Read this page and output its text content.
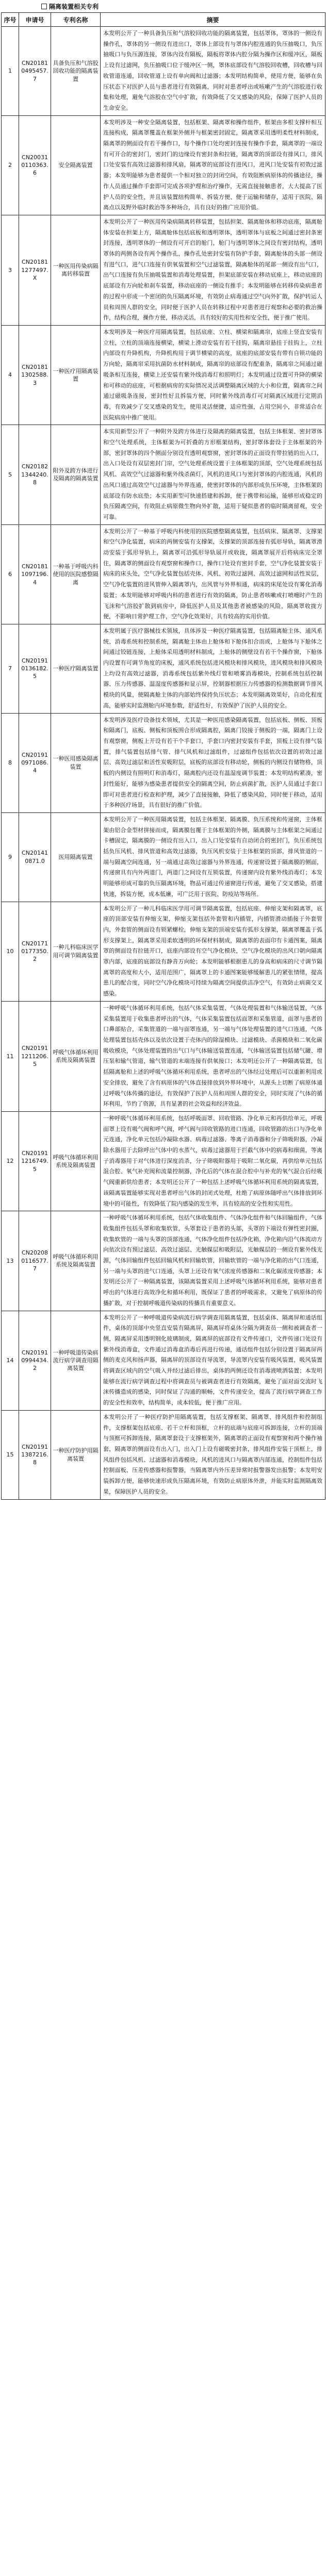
隔离装置相关专利
序号	申请号	专利名称	摘要
1	CN201810495457.7	具备负压和气溶胶回收功能的隔离装置	本发明公开了一种具备负压和气溶胶回收功能的隔离装置，包括罩体，罩体的一侧设有操作孔，罩体的另一侧设有进出口，罩体上部设有与罩体内腔连通的负压抽吸口，负压抽吸口与负压源连接，罩体内设有隔板，隔板将罩体内腔分隔为操作区和缓冲区，隔板上设有过滤网，负压抽吸口位于缓冲区一侧，罩体底部设有气溶胶回收槽，回收槽与回收管道连通，回收管道上设有单向阀和过滤器；本发明结构简单，使用方便，能够在负压状态下对医护人员与患者进行有效隔离，同时对患者呼出或咳嗽产生的气溶胶进行收集和处理，避免气溶胶在空气中扩散，有效降低了交叉感染的风险，保障了医护人员的生命安全。
2	CN200310110363.6	安全隔离装置	本发明涉及一种安全隔离装置，包括框架、隔离罩和操作组件，框架由多根支撑杆相互连接构成，隔离罩覆盖在框架外侧并与框架密封固定，隔离罩采用透明柔性材料制成，隔离罩的侧面设有若干操作口，每个操作口处均密封连接有操作手套，隔离罩的一端设有可开合的密封门，密封门的边缘设有密封条和拉链，隔离罩的顶部设有排风口，排风口处安装有高效过滤器和排风扇，隔离罩的底部设有进风口，进风口处安装有初效过滤器；本发明能够为患者提供一个相对独立的封闭空间，有效阻断病原体的传播途径，操作人员通过操作手套即可完成各项护理和治疗操作，无需直接接触患者，大大提高了医护人员的安全性，并且该装置结构简单、拆装方便、便于运输和储存，适用于医院、隔离点以及野外临时救治等多种场合，具有良好的推广应用价值。
3	CN201811277497.X	一种医用传染病隔离转移装置	本发明公开了一种医用传染病隔离转移装置，包括担架、隔离舱体和移动底座，隔离舱体安装在担架上方，隔离舱体包括底板和透明罩体，透明罩体与底板之间通过密封条密封连接，透明罩体的一侧设有可开启的舱门，舱门与透明罩体之间设有密封结构，透明罩体的两侧各设有两个操作孔，操作孔处密封安装有防护手套，隔离舱体的头部一侧设有进气口，进气口连接有供氧装置和空气过滤装置，隔离舱体的尾部一侧设有出气口，出气口连接有负压抽吸装置和消毒处理装置，担架底部安装在移动底座上，移动底座的底部设有万向轮和刹车装置，移动底座的一侧设有推手；本发明能够在转移传染病患者的过程中形成一个密闭的负压隔离环境，有效防止病毒通过空气向外扩散，保护转运人员和周围人群的安全，同时便于医护人员在转移过程中对患者进行观察和必要的救治操作，结构合理，操作方便，移动灵活，具有较好的实用性和安全性，便于推广使用。
4	CN201811302588.3	一种医疗用隔离装置	本发明涉及一种医疗用隔离装置，包括底座、立柱、横梁和隔离帘，底座上竖直安装有立柱，立柱的顶端连接横梁，横梁上滑动安装有若干挂钩，隔离帘悬挂于挂钩上，立柱内部设有升降机构，升降机构用于调节横梁的高度，底座的底部安装有带有自锁功能的万向轮，隔离帘采用抗菌防水材料制成，隔离帘的底部设有配重条，隔离帘之间通过磁吸条相互连接，横梁上还安装有紫外线消毒灯和照明灯；本发明通过设置可升降的横梁和可移动的底座，可根据病房的实际情况灵活调整隔离区域的大小和位置，隔离帘之间通过磁吸条连接，密封性好且拆装方便，同时紫外线消毒灯可对隔离区域进行定期消毒，有效减少了交叉感染的发生，使用灵活便捷，适应性强，占用空间小，非常适合在医院病房中推广使用。
5	CN201821344240.8	附外及跨方体进行及隔离的隔离装置	本实用新型公开了一种附外及跨方体进行及隔离的隔离装置，包括主体框架、密封罩体和空气处理系统，主体框架为可折叠的方形框架结构，密封罩体套设于主体框架的外部，密封罩体的四个侧面分别设有透明观察窗，密封罩体的正面设有带拉链的出入口，出入口处设有双层密封门帘，空气处理系统设置于主体框架的顶部，空气处理系统包括风机、高效空气过滤器和紫外线杀菌灯，风机的进风口与密封罩体的内腔连通，风机的出风口通过高效空气过滤器与外界连通，使密封罩体的内部形成负压环境，主体框架的底部设有防水底垫；本实用新型可快速搭建和拆卸，便于携带和运输，能够形成稳定的负压隔离空间，有效阻止病原微生物向外扩散，适用于疑似患者的临时隔离留观，安全可靠。
6	CN201811097196.4	一种基于呼吸内科使用的医院感整隔离	本发明公开了一种基于呼吸内科使用的医院感整隔离装置，包括病床、隔离罩、支撑架和空气净化装置，病床的两侧安装有支撑架，支撑架的顶部连接有弧形导轨，隔离罩滑动安装于弧形导轨上，隔离罩可沿弧形导轨展开或收拢，隔离罩展开后将病床完全罩住，隔离罩的侧面设有观察窗和操作口，操作口处设有密封手套，空气净化装置安装于病床的床头处，空气净化装置包括壳体、风机、初效过滤网、高效过滤网和活性炭层，空气净化装置的进风管伸入隔离罩内，出风管与外界相通，病床的床尾处设有雾化消毒装置；本发明能够对呼吸内科的患者进行有效的隔离，防止患者咳嗽或打喷嚏时产生的飞沫和气溶胶扩散到病房中，降低医护人员及其他患者被感染的风险，隔离罩收拢方便，不影响日常护理工作，空气净化效果好，具有较高的实用价值。
7	CN201910136182.5	一种医疗隔离装置	本发明属于医疗器械技术领域，具体涉及一种医疗隔离装置，包括隔离舱主体、通风系统、消毒系统和控制系统，隔离舱主体由上舱体和下舱体扣合而成，上舱体与下舱体之间通过铰链连接，上舱体采用透明材料制成，上舱体的侧壁设有若干个操作窗，下舱体内设置有可调节角度的床板，通风系统包括进风模块和排风模块，进风模块和排风模块上均设有高效过滤器，消毒系统包括紫外线灯管和喷雾消毒模块，控制系统包括控制器、压力传感器、温湿度传感器和显示屏，控制器根据压力传感器的检测数据调节排风模块的风量，使隔离舱主体的内部始终保持负压状态；本发明隔离效果好，自动化程度高，能够实时监测舱内环境参数，舒适性好，有效保护了医护人员的安全。
8	CN201910971086.4	一种医用感染隔离装置	本发明涉及医疗设备技术领域，尤其是一种医用感染隔离装置，包括底板、侧板、顶板和隔离门，底板、侧板和顶板围合形成隔离腔，隔离门铰接于侧板的一端，隔离门上设有观察窗，侧板上开设有若干个手套口，手套口内密封安装有手套，顶板上设有排气装置，排气装置包括排气管、排气风机和过滤组件，过滤组件包括依次设置的初效过滤层、高效过滤层和活性炭吸附层，底板的底部设有移动轮，侧板的内侧设有储物格，顶板的内侧设有照明灯和消毒灯，隔离腔内还设有温湿度调节装置；本发明结构紧凑，密封性能好，能够为感染患者提供安全的隔离空间，防止病菌扩散，医护人员通过手套口即可对患者进行检查和护理，减少了直接接触，降低了感染风险，同时便于移动，适用于多种医疗场景，具有很好的推广价值。
9	CN201410871.0	医用隔离装置	本发明公开了一种医用隔离装置，包括主体框架、隔离膜、负压系统和传递窗，主体框架由铝合金型材拼接而成，隔离膜包覆于主体框架的外侧，隔离膜与主体框架之间通过卡槽固定，隔离膜的一侧设有出入口，出入口处安装有自动闭合的密封门，负压系统包括负压风机、排风管道和高效过滤器，负压风机安装于主体框架的顶部，排风管道的一端与隔离空间连通，另一端通过高效过滤器与外界连通，传递窗设置于隔离膜的侧面，传递窗具有内外两道门，两道门之间设有互锁装置，传递窗内设有紫外线消毒灯；本发明能够形成可靠的负压隔离环境，物品可通过传递窗进行传递，避免了交叉感染，搭建快速，拆装方便，成本低廉，可广泛用于医院、防疫站等场所。
10	CN201710177350.2	一种儿科临床医学用可调节隔离装置	本发明公开了一种儿科临床医学用可调节隔离装置，包括底座、伸缩支架和隔离罩，底座的顶部安装有伸缩支架，伸缩支架包括外套管和内插管，内插管滑动插接于外套管内，外套管的侧面设有锁紧螺栓，伸缩支架的顶端安装有弧形支撑架，隔离罩覆盖于弧形支撑架上，隔离罩采用柔软透明的环保材料制成，隔离罩的表面印有卡通图案，隔离罩的侧面设有拉链开口，底座内部设有空气净化模块，空气净化模块的出风口朝向隔离罩内部，底座的底部设有静音万向轮；本发明能够根据患儿的身高和病床的尺寸调节隔离罩的高度和大小，适用范围广，隔离罩上的卡通图案能够缓解患儿的紧张情绪，提高患儿的配合度，同时空气净化模块可持续为隔离空间提供洁净空气，有效防止病菌交叉感染。
11	CN201911211206.5	呼吸气体循环利用系统及隔离装置	一种呼吸气体循环利用系统，包括气体采集装置、气体处理装置和气体输送装置，气体采集装置用于收集患者呼出的气体，气体采集装置包括面罩和采集管道，面罩与患者的口鼻部贴合，采集管道的一端与面罩连通，另一端与气体处理装置的进气口连通，气体处理装置包括壳体以及依次设置于壳体内的除湿模块、过滤模块、杀菌模块和二氧化碳吸收模块，气体处理装置的出气口与气体输送装置连通，气体输送装置包括储气罐、增压泵和输气管道，输气管道的末端连接有供氧接口；本发明还公开了一种隔离装置，包括隔离舱和上述的呼吸气体循环利用系统，患者呼出的气体经过处理后可以重新利用或安全排放，避免了含有病原体的气体直接排放到外界环境中，从源头上切断了病原体通过呼吸气体传播的途径，有效保护了医护人员和周围人群的安全，同时实现了气体的循环利用，节约了资源，具有显著的社会效益和经济效益。
12	CN201911216749.5	呼吸气体循环利用系统及隔离装置	一种呼吸气体循环利用系统，包括呼吸面罩、回收管路、净化单元和再供给单元，呼吸面罩上设有吸气阀和呼气阀，呼气阀与回收管路的进口连通，回收管路的出口与净化单元连通，净化单元包括冷凝除水器、病毒过滤器、等离子消毒器和分子筛吸附器，冷凝除水器用于去除呼出气体中的水蒸气，病毒过滤器用于拦截气体中的病毒和细菌，等离子消毒器用于对气体进行深度消杀，分子筛吸附器用于吸附二氧化碳，再供给单元包括混合腔、氧气补充阀和流量控制器，净化后的气体在混合腔中与补充的氧气混合后经吸气阀重新供给患者；本发明还公开了一种包括上述呼吸气体循环利用系统的隔离装置，该隔离装置能够实现对患者呼出气体的封闭式处理，杜绝了病原体随呼出气体排放到环境中的可能性，有效降低了院内感染的发生率，具有较高的安全性和实用性。
13	CN202080116577.7	呼吸气体循环利用系统及隔离装置	一种呼吸气体循环利用系统，包括气体收集组件、气体净化组件和气体回输组件，气体收集组件包括头罩和收集软管，头罩套设于患者的头部，头罩的下端设有弹性密封圈，收集软管的一端与头罩的顶部连通，气体净化组件包括净化箱，净化箱内沿气体流动方向依次设有预过滤层、高效过滤层、光触媒层和吸附层，光触媒层的一侧设有紫外线光源，气体回输组件包括回输风机和回输软管，回输软管的一端与净化箱的出气口连通，另一端与头罩的进气口连通，头罩上还设有氧气浓度传感器和二氧化碳浓度传感器；本发明还公开了一种隔离装置，该隔离装置采用上述呼吸气体循环利用系统，能够对患者呼出的气体进行高效净化和循环利用，既保证了患者的呼吸需求，又避免了病原体的传播扩散，对于控制呼吸道传染病的传播具有重要意义。
14	CN201910994434.2	一种呼吸道传染病流行病学调查用隔离装置	本发明公开了一种呼吸道传染病流行病学调查用隔离装置，包括桌体、隔离屏和通话组件，桌体的顶部中央竖直安装有隔离屏，隔离屏将桌体分隔为调查员一侧和被调查者一侧，隔离屏采用透明钢化玻璃制成，隔离屏的底部设有文件传递口，文件传递口处设有紫外线消毒盒，文件通过消毒盒消毒后再进行传递，通话组件包括分别设置于隔离屏两侧的麦克风和扬声器，隔离屏的顶部设有导流罩，导流罩内安装有吸风装置，吸风装置将调查区域内的空气吸入并经过滤后排出，桌体的两侧还设有消毒液喷洒装置；本发明能够在流行病学调查过程中将调查员与被调查者进行有效隔离，避免了面对面交流时飞沫传播造成的感染，同时保证了沟通的顺畅，文件传递安全，提高了流行病学调查工作的安全性和效率，结构简单，成本较低，便于推广应用。
15	CN201911387216.8	一种医疗防护用隔离装置	本发明公开了一种医疗防护用隔离装置，包括支撑框架、隔离罩、排风组件和控制组件，支撑框架包括底座、若干立杆和顶框，立杆的底端与底座可拆卸连接，立杆的顶端与顶框可拆卸连接，隔离罩套设于支撑框架外，隔离罩的正面设有观察窗和两个操作袖套，隔离罩的侧面设有出入门，出入门上设有磁吸密封条，排风组件安装于顶框上，排风组件包括风机、过滤器和消毒模块，风机的进风口与隔离罩内部连通，控制组件包括控制面板、压差传感器和报警器，当隔离罩内外压差异常时报警器发出报警；本发明安装拆卸方便，能够快速形成负压隔离环境，有效防止病原体外泄，并能实时监测隔离效果，保障医护人员的安全。
